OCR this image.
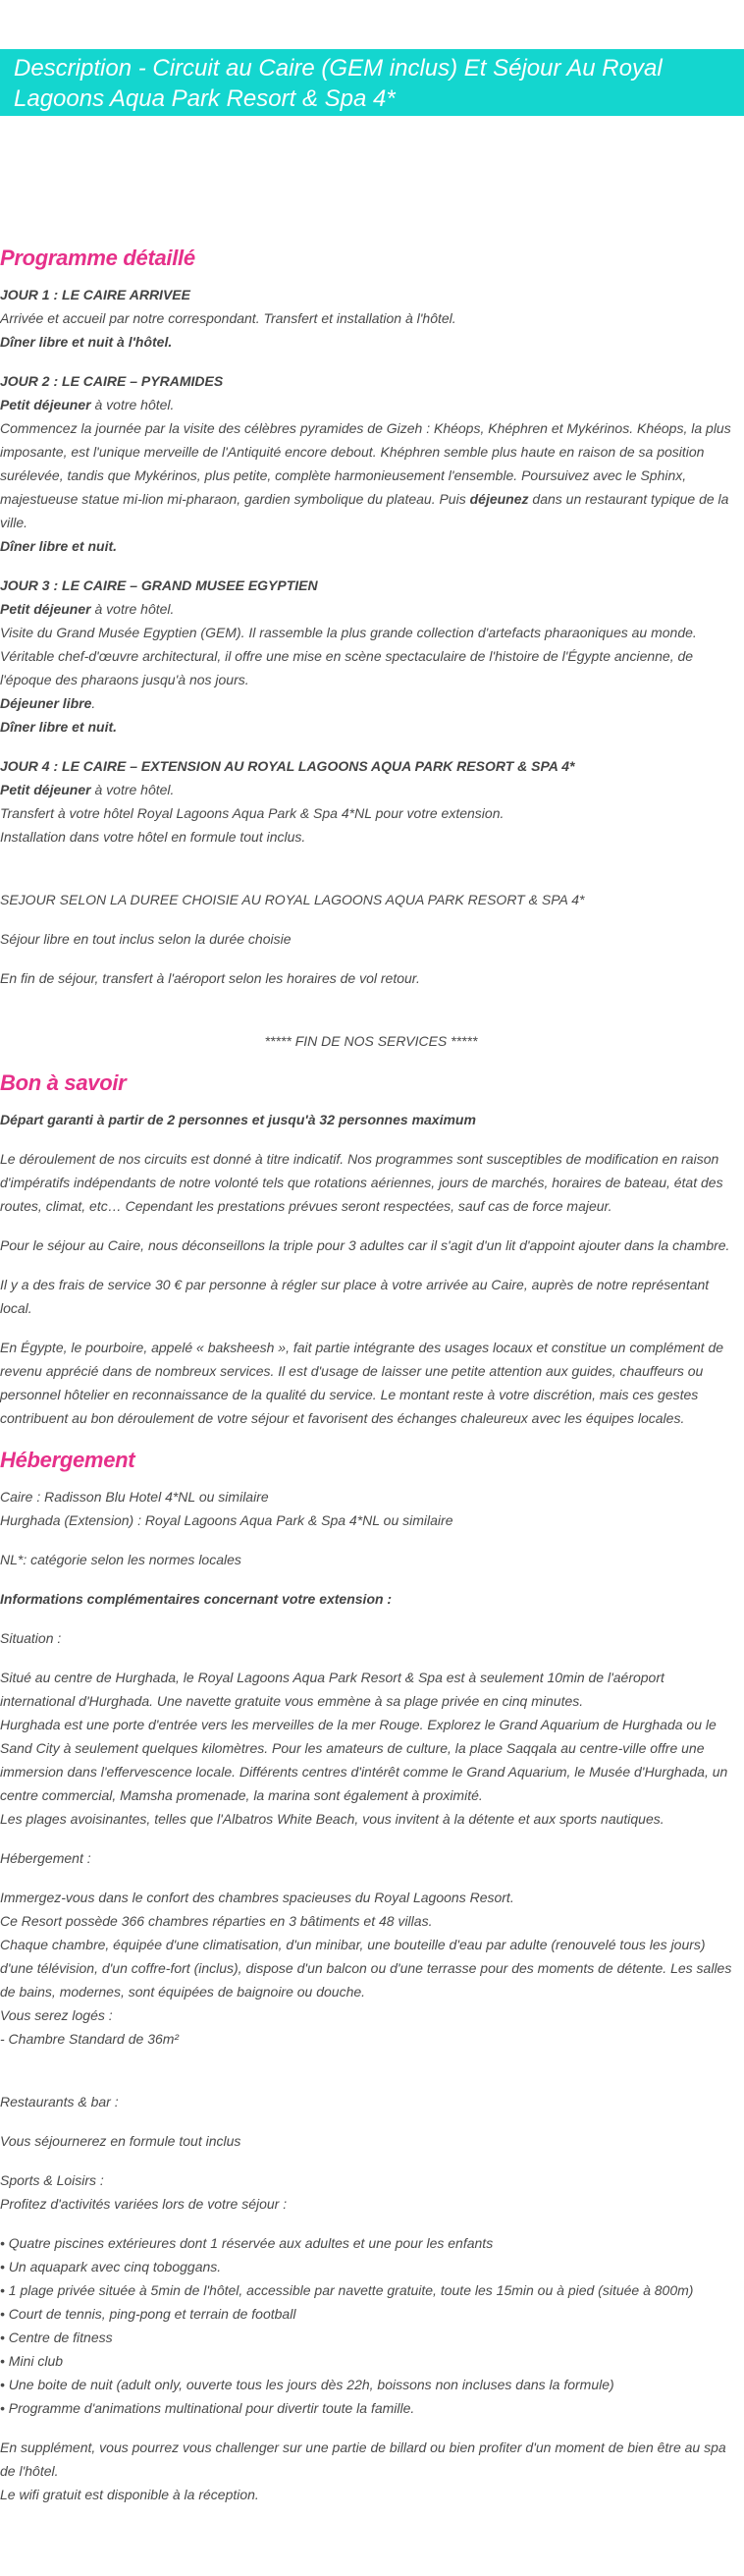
Description - Circuit au Caire (GEM inclus) Et Séjour Au Royal Lagoons Aqua Park Resort & Spa 4*
Programme détaillé

JOUR 1 : LE CAIRE ARRIVEE

Arrivée et accueil par notre correspondant. Transfert et installation à l'hôtel.

Dîner libre et nuit à l'hôtel.

JOUR 2 : LE CAIRE – PYRAMIDES

Petit déjeuner à votre hôtel.

Commencez la journée par la visite des célèbres pyramides de Gizeh : Khéops, Khéphren et Mykérinos. Khéops, la plus imposante, est l'unique merveille de l'Antiquité encore debout. Khéphren semble plus haute en raison de sa position surélevée, tandis que Mykérinos, plus petite, complète harmonieusement l'ensemble. Poursuivez avec le Sphinx, majestueuse statue mi-lion mi-pharaon, gardien symbolique du plateau. Puis déjeunez dans un restaurant typique de la ville.

Dîner libre et nuit.

JOUR 3 : LE CAIRE – GRAND MUSEE EGYPTIEN

Petit déjeuner à votre hôtel.

Visite du Grand Musée Egyptien (GEM). Il rassemble la plus grande collection d'artefacts pharaoniques au monde. Véritable chef-d'œuvre architectural, il offre une mise en scène spectaculaire de l'histoire de l'Égypte ancienne, de l'époque des pharaons jusqu'à nos jours.

Déjeuner libre.

Dîner libre et nuit.

JOUR 4 : LE CAIRE – EXTENSION AU ROYAL LAGOONS AQUA PARK RESORT & SPA 4*

Petit déjeuner à votre hôtel.

Transfert à votre hôtel Royal Lagoons Aqua Park & Spa 4*NL pour votre extension.

Installation dans votre hôtel en formule tout inclus.

SEJOUR SELON LA DUREE CHOISIE AU ROYAL LAGOONS AQUA PARK RESORT & SPA 4*

Séjour libre en tout inclus selon la durée choisie

En fin de séjour, transfert à l'aéroport selon les horaires de vol retour.

***** FIN DE NOS SERVICES *****

Bon à savoir

Départ garanti à partir de 2 personnes et jusqu'à 32 personnes maximum

Le déroulement de nos circuits est donné à titre indicatif. Nos programmes sont susceptibles de modification en raison d'impératifs indépendants de notre volonté tels que rotations aériennes, jours de marchés, horaires de bateau, état des routes, climat, etc… Cependant les prestations prévues seront respectées, sauf cas de force majeur.

Pour le séjour au Caire, nous déconseillons la triple pour 3 adultes car il s'agit d'un lit d'appoint ajouter dans la chambre.

Il y a des frais de service 30 € par personne à régler sur place à votre arrivée au Caire, auprès de notre représentant local.

En Égypte, le pourboire, appelé « baksheesh », fait partie intégrante des usages locaux et constitue un complément de revenu apprécié dans de nombreux services. Il est d'usage de laisser une petite attention aux guides, chauffeurs ou personnel hôtelier en reconnaissance de la qualité du service. Le montant reste à votre discrétion, mais ces gestes contribuent au bon déroulement de votre séjour et favorisent des échanges chaleureux avec les équipes locales.

Hébergement

Caire : Radisson Blu Hotel 4*NL ou similaire

Hurghada (Extension) : Royal Lagoons Aqua Park & Spa 4*NL ou similaire

NL*: catégorie selon les normes locales

Informations complémentaires concernant votre extension :

Situation :

Situé au centre de Hurghada, le Royal Lagoons Aqua Park Resort & Spa est à seulement 10min de l'aéroport international d'Hurghada. Une navette gratuite vous emmène à sa plage privée en cinq minutes.

Hurghada est une porte d'entrée vers les merveilles de la mer Rouge. Explorez le Grand Aquarium de Hurghada ou le Sand City à seulement quelques kilomètres. Pour les amateurs de culture, la place Saqqala au centre-ville offre une immersion dans l'effervescence locale. Différents centres d'intérêt comme le Grand Aquarium, le Musée d'Hurghada, un centre commercial, Mamsha promenade, la marina sont également à proximité.

Les plages avoisinantes, telles que l'Albatros White Beach, vous invitent à la détente et aux sports nautiques.

Hébergement :

Immergez-vous dans le confort des chambres spacieuses du Royal Lagoons Resort.

Ce Resort possède 366 chambres réparties en 3 bâtiments et 48 villas.

Chaque chambre, équipée d'une climatisation, d'un minibar, une bouteille d'eau par adulte (renouvelé tous les jours) d'une télévision, d'un coffre-fort (inclus), dispose d'un balcon ou d'une terrasse pour des moments de détente. Les salles de bains, modernes, sont équipées de baignoire ou douche.

Vous serez logés :

- Chambre Standard de 36m²

Restaurants & bar :

Vous séjournerez en formule tout inclus

Sports & Loisirs :

Profitez d'activités variées lors de votre séjour :

• Quatre piscines extérieures dont 1 réservée aux adultes et une pour les enfants
• Un aquapark avec cinq toboggans.
• 1 plage privée située à 5min de l'hôtel, accessible par navette gratuite, toute les 15min ou à pied (située à 800m)
• Court de tennis, ping-pong et terrain de football
• Centre de fitness
• Mini club
• Une boite de nuit (adult only, ouverte tous les jours dès 22h, boissons non incluses dans la formule)
• Programme d'animations multinational pour divertir toute la famille.

En supplément, vous pourrez vous challenger sur une partie de billard ou bien profiter d'un moment de bien être au spa de l'hôtel.

Le wifi gratuit est disponible à la réception.
